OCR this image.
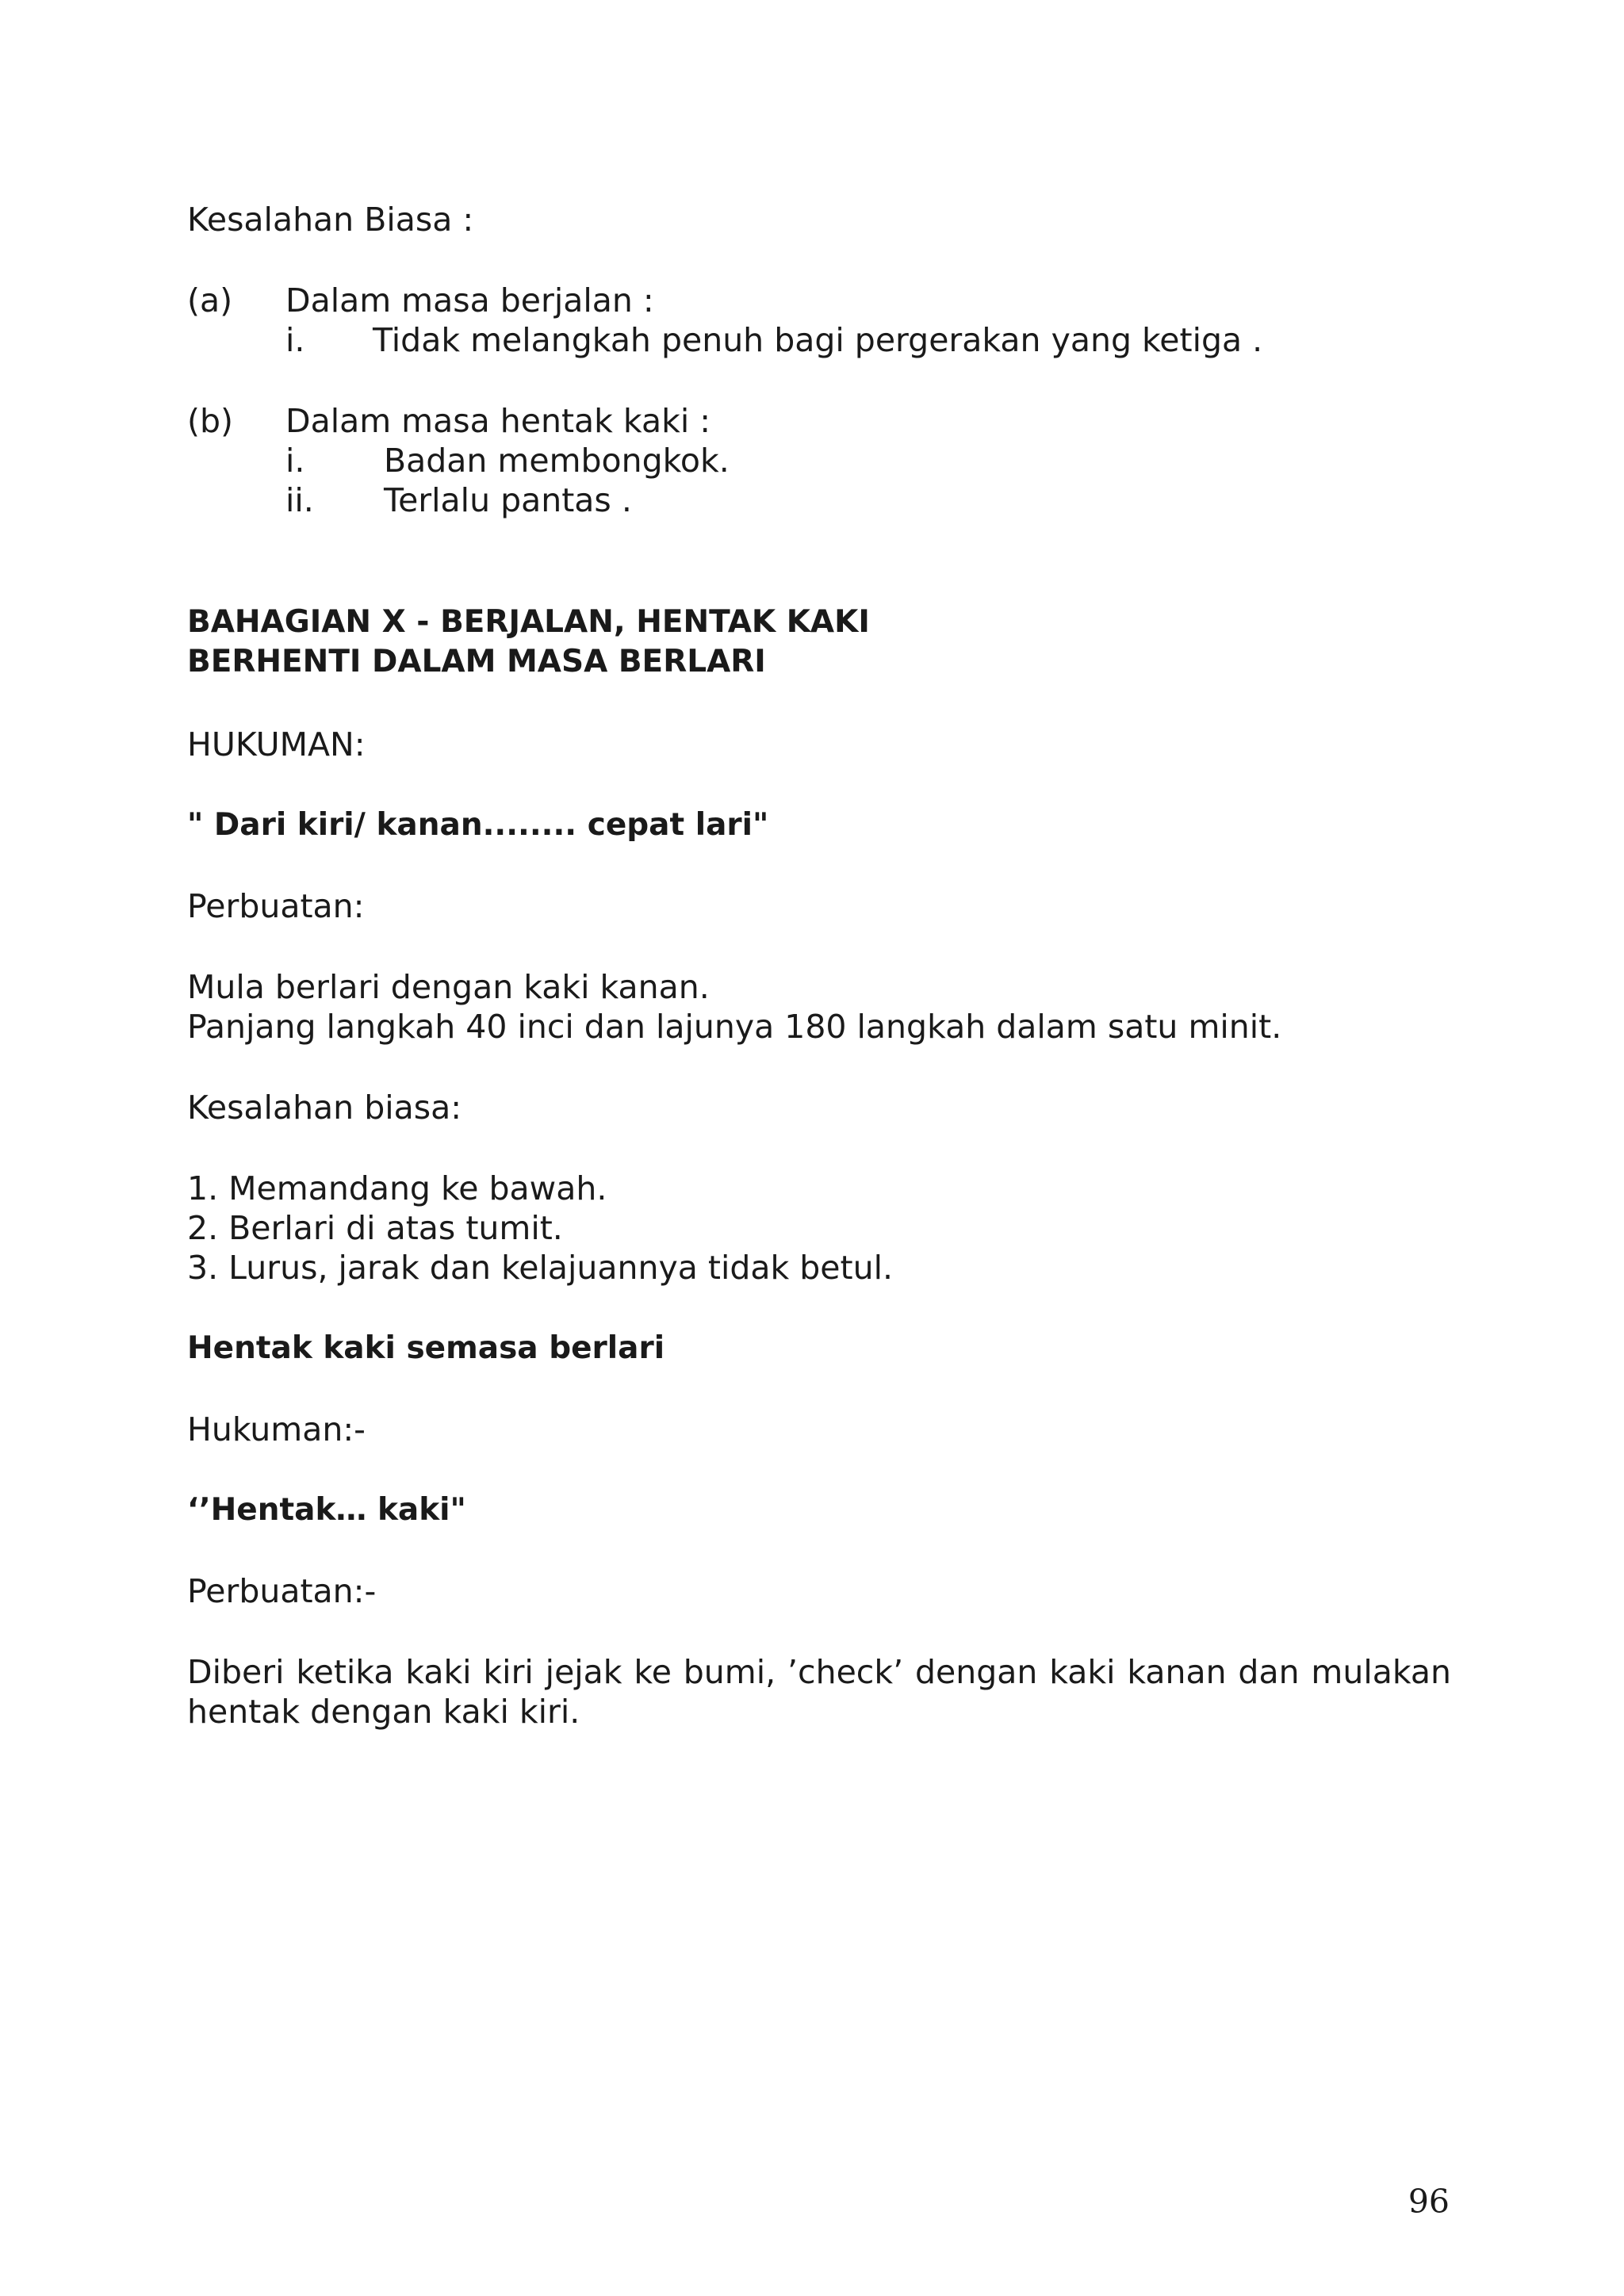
Kesalahan Biasa :
(a) Dalam masa berjalan :
i. Tidak melangkah penuh bagi pergerakan yang ketiga .
(b) Dalam masa hentak kaki :
i. Badan membongkok.
ii. Terlalu pantas .
BAHAGIAN X - BERJALAN, HENTAK KAKI
BERHENTI DALAM MASA BERLARI
HUKUMAN:
" Dari kiri/ kanan........ cepat lari"
Perbuatan:
Mula berlari dengan kaki kanan.
Panjang langkah 40 inci dan lajunya 180 langkah dalam satu minit.
Kesalahan biasa:
1. Memandang ke bawah.
2. Berlari di atas tumit.
3. Lurus, jarak dan kelajuannya tidak betul.
Hentak kaki semasa berlari
Hukuman:-
‘’Hentak… kaki"
Perbuatan:-
Diberi ketika kaki kiri jejak ke bumi, ’check’ dengan kaki kanan dan mulakan hentak dengan kaki kiri.
96
